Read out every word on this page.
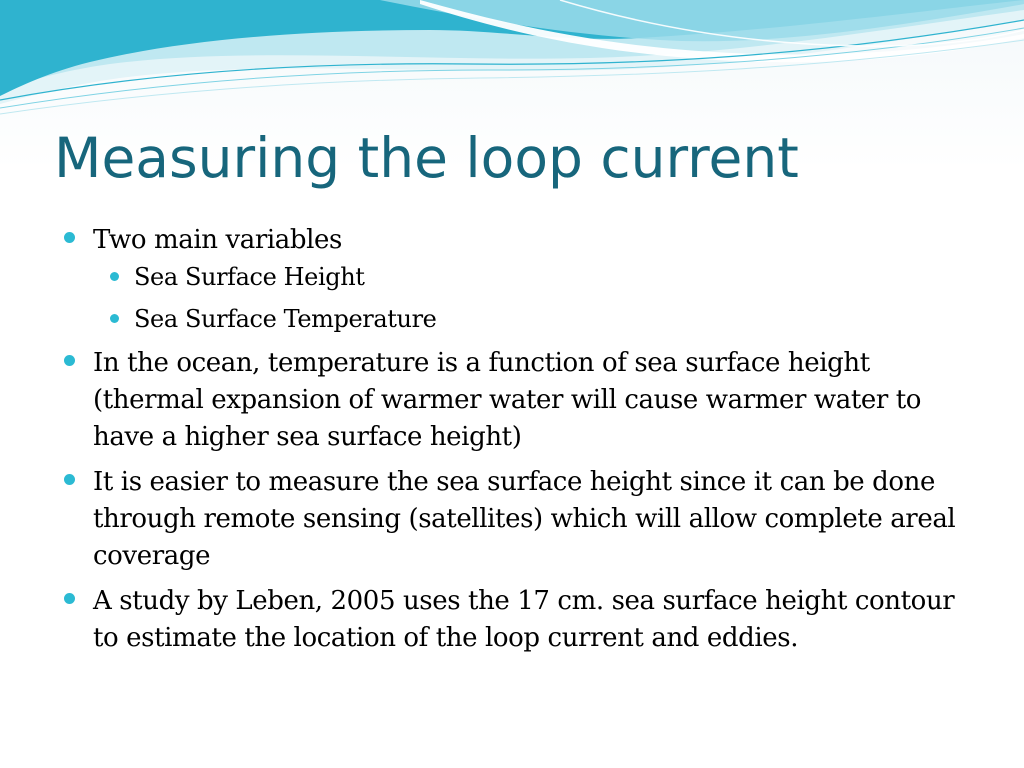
Measuring the loop current
Two main variables
Sea Surface Height
Sea Surface Temperature
In the ocean, temperature is a function of sea surface height (thermal expansion of warmer water will cause warmer water to have a higher sea surface height)
It is easier to measure the sea surface height since it can be done through remote sensing (satellites) which will allow complete areal coverage
A study by Leben, 2005 uses the 17 cm. sea surface height contour to estimate the location of the loop current and eddies.
